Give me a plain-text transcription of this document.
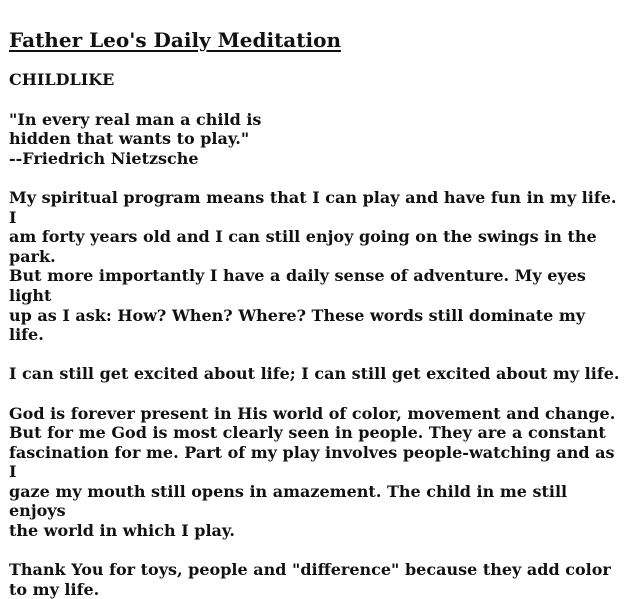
Father Leo's Daily Meditation
CHILDLIKE

"In every real man a child is
hidden that wants to play."
--Friedrich Nietzsche

My spiritual program means that I can play and have fun in my life. I
am forty years old and I can still enjoy going on the swings in the park.
But more importantly I have a daily sense of adventure. My eyes light
up as I ask: How? When? Where? These words still dominate my life.

I can still get excited about life; I can still get excited about my life.

God is forever present in His world of color, movement and change.
But for me God is most clearly seen in people. They are a constant
fascination for me. Part of my play involves people-watching and as I
gaze my mouth still opens in amazement. The child in me still enjoys
the world in which I play.

Thank You for toys, people and "difference" because they add color
to my life.
